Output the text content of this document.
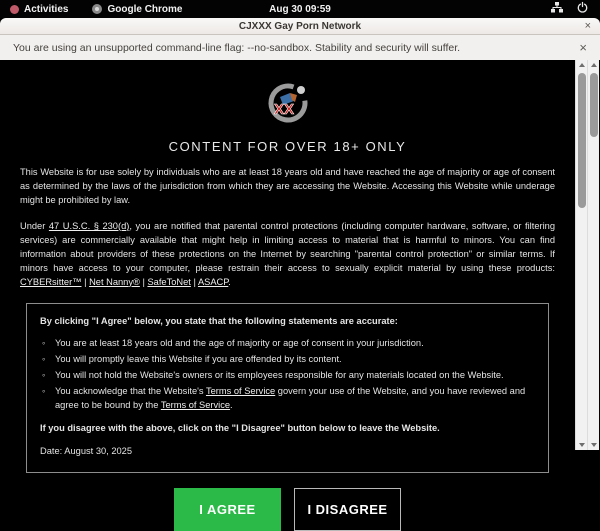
Activities	Google Chrome	Aug 30 09:59
CJXXX Gay Porn Network	×
You are using an unsupported command-line flag: --no-sandbox. Stability and security will suffer.	×
XX
CONTENT FOR OVER 18+ ONLY

This Website is for use solely by individuals who are at least 18 years old and have reached the age of majority or age of consent as determined by the laws of the jurisdiction from which they are accessing the Website. Accessing this Website while underage might be prohibited by law.

Under 47 U.S.C. § 230(d), you are notified that parental control protections (including computer hardware, software, or filtering services) are commercially available that might help in limiting access to material that is harmful to minors. You can find information about providers of these protections on the Internet by searching "parental control protection" or similar terms. If minors have access to your computer, please restrain their access to sexually explicit material by using these products: CYBERsitter™ | Net Nanny® | SafeToNet | ASACP.

By clicking "I Agree" below, you state that the following statements are accurate:
◦ You are at least 18 years old and the age of majority or age of consent in your jurisdiction.
◦ You will promptly leave this Website if you are offended by its content.
◦ You will not hold the Website's owners or its employees responsible for any materials located on the Website.
◦ You acknowledge that the Website's Terms of Service govern your use of the Website, and you have reviewed and agree to be bound by the Terms of Service.
If you disagree with the above, click on the "I Disagree" button below to leave the Website.
Date: August 30, 2025
I AGREE	I DISAGREE
